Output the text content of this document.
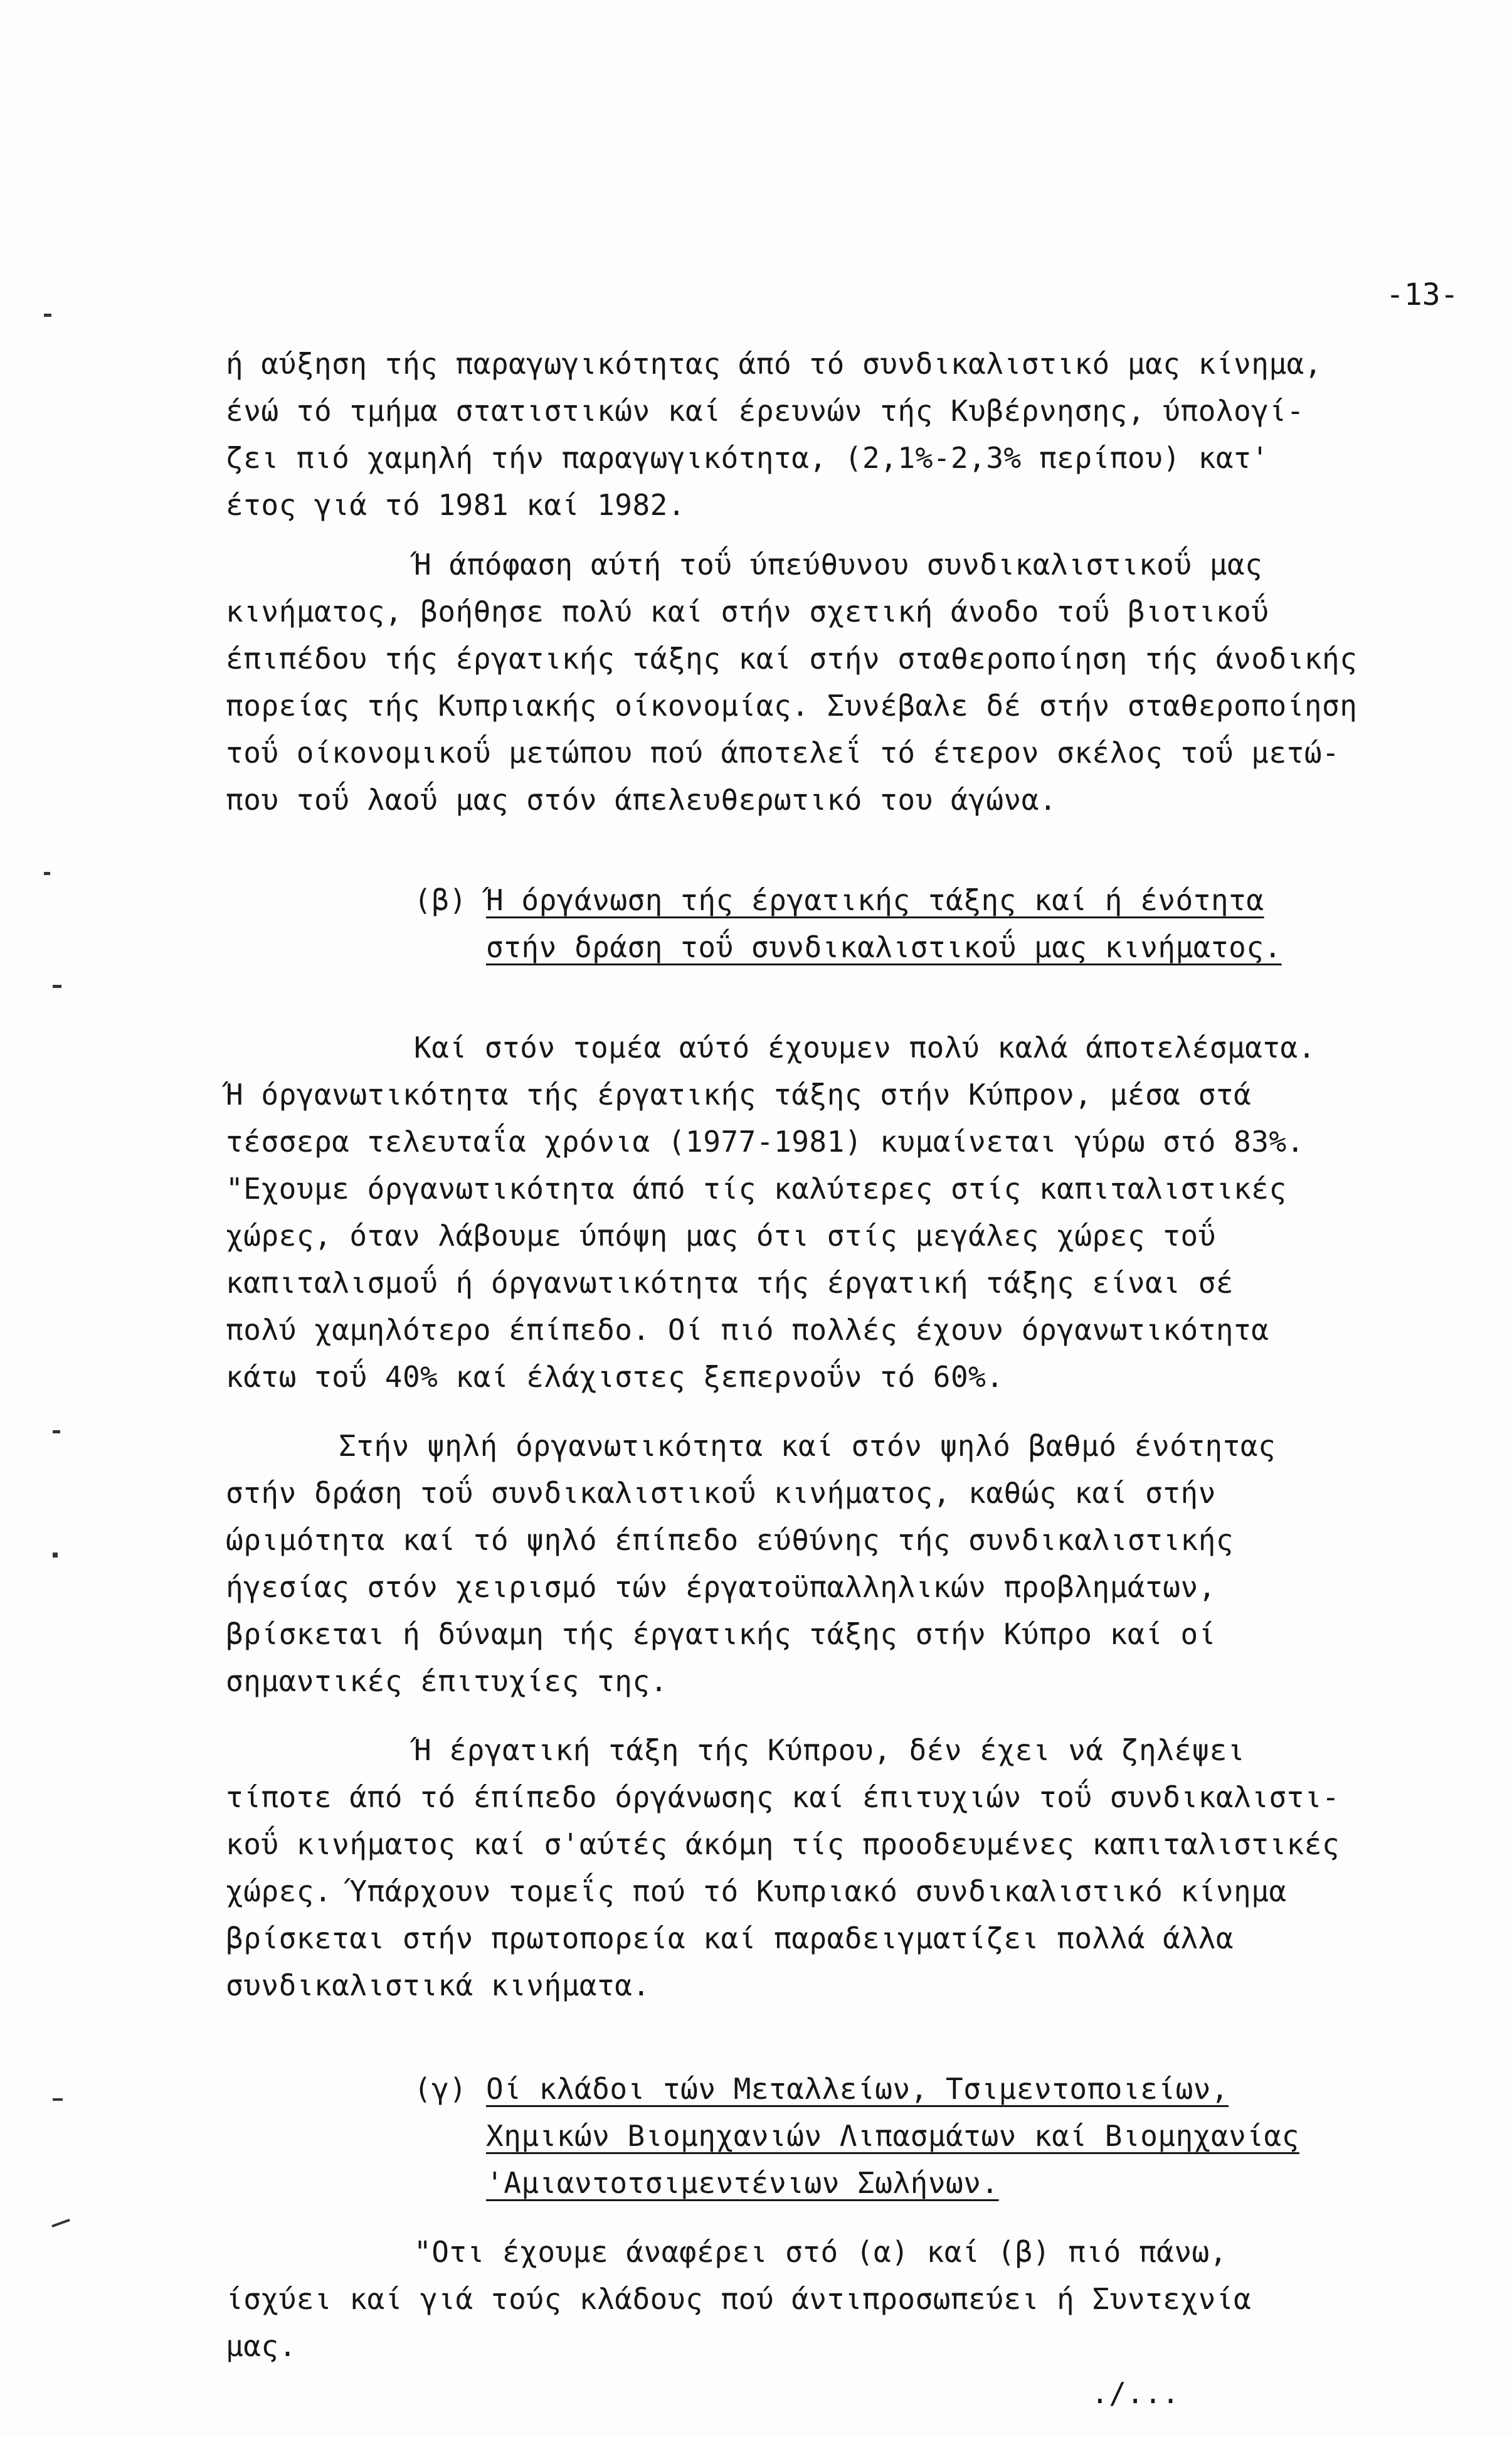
-13-
ή αύξηση τής παραγωγικότητας άπό τό συνδικαλιστικό μας κίνημα,
ένώ τό τμήμα στατιστικών καί έρευνών τής Κυβέρνησης, ύπολογί-
ζει πιό χαμηλή τήν παραγωγικότητα, (2,1%-2,3% περίπου) κατ'
έτος γιά τό 1981 καί 1982.
Ή άπόφαση αύτή τοΰ ύπεύθυνου συνδικαλιστικοΰ μας
κινήματος, βοήθησε πολύ καί στήν σχετική άνοδο τοΰ βιοτικοΰ
έπιπέδου τής έργατικής τάξης καί στήν σταθεροποίηση τής άνοδικής
πορείας τής Κυπριακής οίκονομίας. Συνέβαλε δέ στήν σταθεροποίηση
τοΰ οίκονομικοΰ μετώπου πού άποτελεΐ τό έτερον σκέλος τοΰ μετώ-
που τοΰ λαοΰ μας στόν άπελευθερωτικό του άγώνα.
(β) Ή όργάνωση τής έργατικής τάξης καί ή ένότητα
στήν δράση τοΰ συνδικαλιστικοΰ μας κινήματος.
Καί στόν τομέα αύτό έχουμεν πολύ καλά άποτελέσματα.
Ή όργανωτικότητα τής έργατικής τάξης στήν Κύπρον, μέσα στά
τέσσερα τελευταΐα χρόνια (1977-1981) κυμαίνεται γύρω στό 83%.
"Εχουμε όργανωτικότητα άπό τίς καλύτερες στίς καπιταλιστικές
χώρες, όταν λάβουμε ύπόψη μας ότι στίς μεγάλες χώρες τοΰ
καπιταλισμοΰ ή όργανωτικότητα τής έργατική τάξης είναι σέ
πολύ χαμηλότερο έπίπεδο. Οί πιό πολλές έχουν όργανωτικότητα
κάτω τοΰ 40% καί έλάχιστες ξεπερνοΰν τό 60%.
Στήν ψηλή όργανωτικότητα καί στόν ψηλό βαθμό ένότητας
στήν δράση τοΰ συνδικαλιστικοΰ κινήματος, καθώς καί στήν
ώριμότητα καί τό ψηλό έπίπεδο εύθύνης τής συνδικαλιστικής
ήγεσίας στόν χειρισμό τών έργατοϋπαλληλικών προβλημάτων,
βρίσκεται ή δύναμη τής έργατικής τάξης στήν Κύπρο καί οί
σημαντικές έπιτυχίες της.
Ή έργατική τάξη τής Κύπρου, δέν έχει νά ζηλέψει
τίποτε άπό τό έπίπεδο όργάνωσης καί έπιτυχιών τοΰ συνδικαλιστι-
κοΰ κινήματος καί σ'αύτές άκόμη τίς προοδευμένες καπιταλιστικές
χώρες. Ύπάρχουν τομεΐς πού τό Κυπριακό συνδικαλιστικό κίνημα
βρίσκεται στήν πρωτοπορεία καί παραδειγματίζει πολλά άλλα
συνδικαλιστικά κινήματα.
(γ) Οί κλάδοι τών Μεταλλείων, Τσιμεντοποιείων,
Χημικών Βιομηχανιών Λιπασμάτων καί Βιομηχανίας
'Αμιαντοτσιμεντένιων Σωλήνων.
"Οτι έχουμε άναφέρει στό (α) καί (β) πιό πάνω,
ίσχύει καί γιά τούς κλάδους πού άντιπροσωπεύει ή Συντεχνία
μας.
./...
